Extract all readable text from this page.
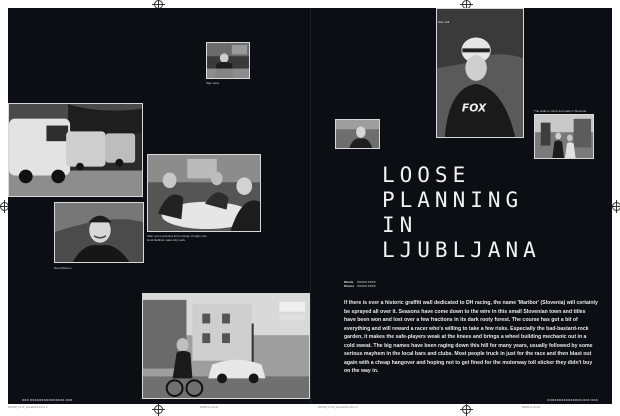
Sign Here
After some pointing and cursing of maps, the local Rabbits make tidy work.
Dan Atherton
FOX
Sam Hill
The walls to climb and walk in Slovenia.
LOOSE
PLANNING
IN
LJUBLJANA
Words XXXXX XXXX
Photos XXXXX XXXX
If there is ever a historic graffiti wall dedicated to DH racing, the name 'Maribor' (Slovenia) will certainly be sprayed all over it. Seasons have come down to the wire in this small Slovenian town and titles have been won and lost over a few fractions in its dark rooty forest. The course has got a bit of everything and will reward a racer who's willing to take a few risks. Especially the bad-bastard-rock garden, it makes the safe-players weak at the knees and brings a wheel building mechanic out in a cold sweat. The big names have been raging down this hill for many years, usually followed by some serious mayhem in the local bars and clubs. Most people truck in just for the race and then blast out again with a cheap hangover and hoping not to get fined for the motorway toll sticker they didn't buy on the way in.
XXX XXXXXXXXXXXXXXX.XXX	XXXXXXXXXXXXXXX.XXX XXX
###-###_P1 P2_SlovakiaHill.indd 1 #	###/## 11:42 AM	###-###_P1 P2_SlovakiaHill.indd 1 #	###/## 11:42 AM
